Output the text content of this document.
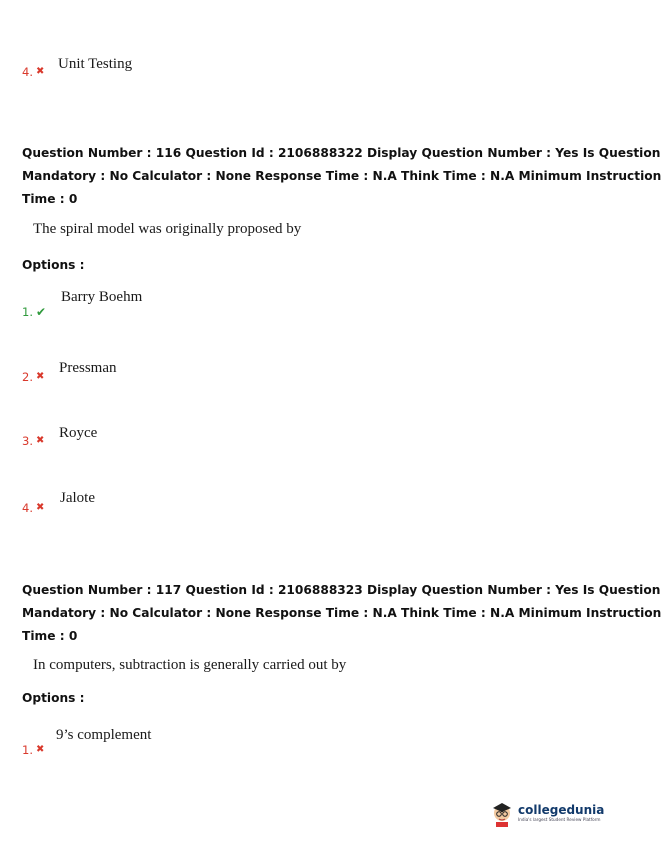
4. ✖ Unit Testing
Question Number : 116 Question Id : 2106888322 Display Question Number : Yes Is Question
Mandatory : No Calculator : None Response Time : N.A Think Time : N.A Minimum Instruction
Time : 0
The spiral model was originally proposed by
Options :
1. ✔
Barry Boehm
2. ✖
Pressman
3. ✖ Royce
4. ✖
Jalote
Question Number : 117 Question Id : 2106888323 Display Question Number : Yes Is Question
Mandatory : No Calculator : None Response Time : N.A Think Time : N.A Minimum Instruction
Time : 0
In computers, subtraction is generally carried out by
Options :
1. ✖
9’s complement
collegedunia
India's largest Student Review Platform
